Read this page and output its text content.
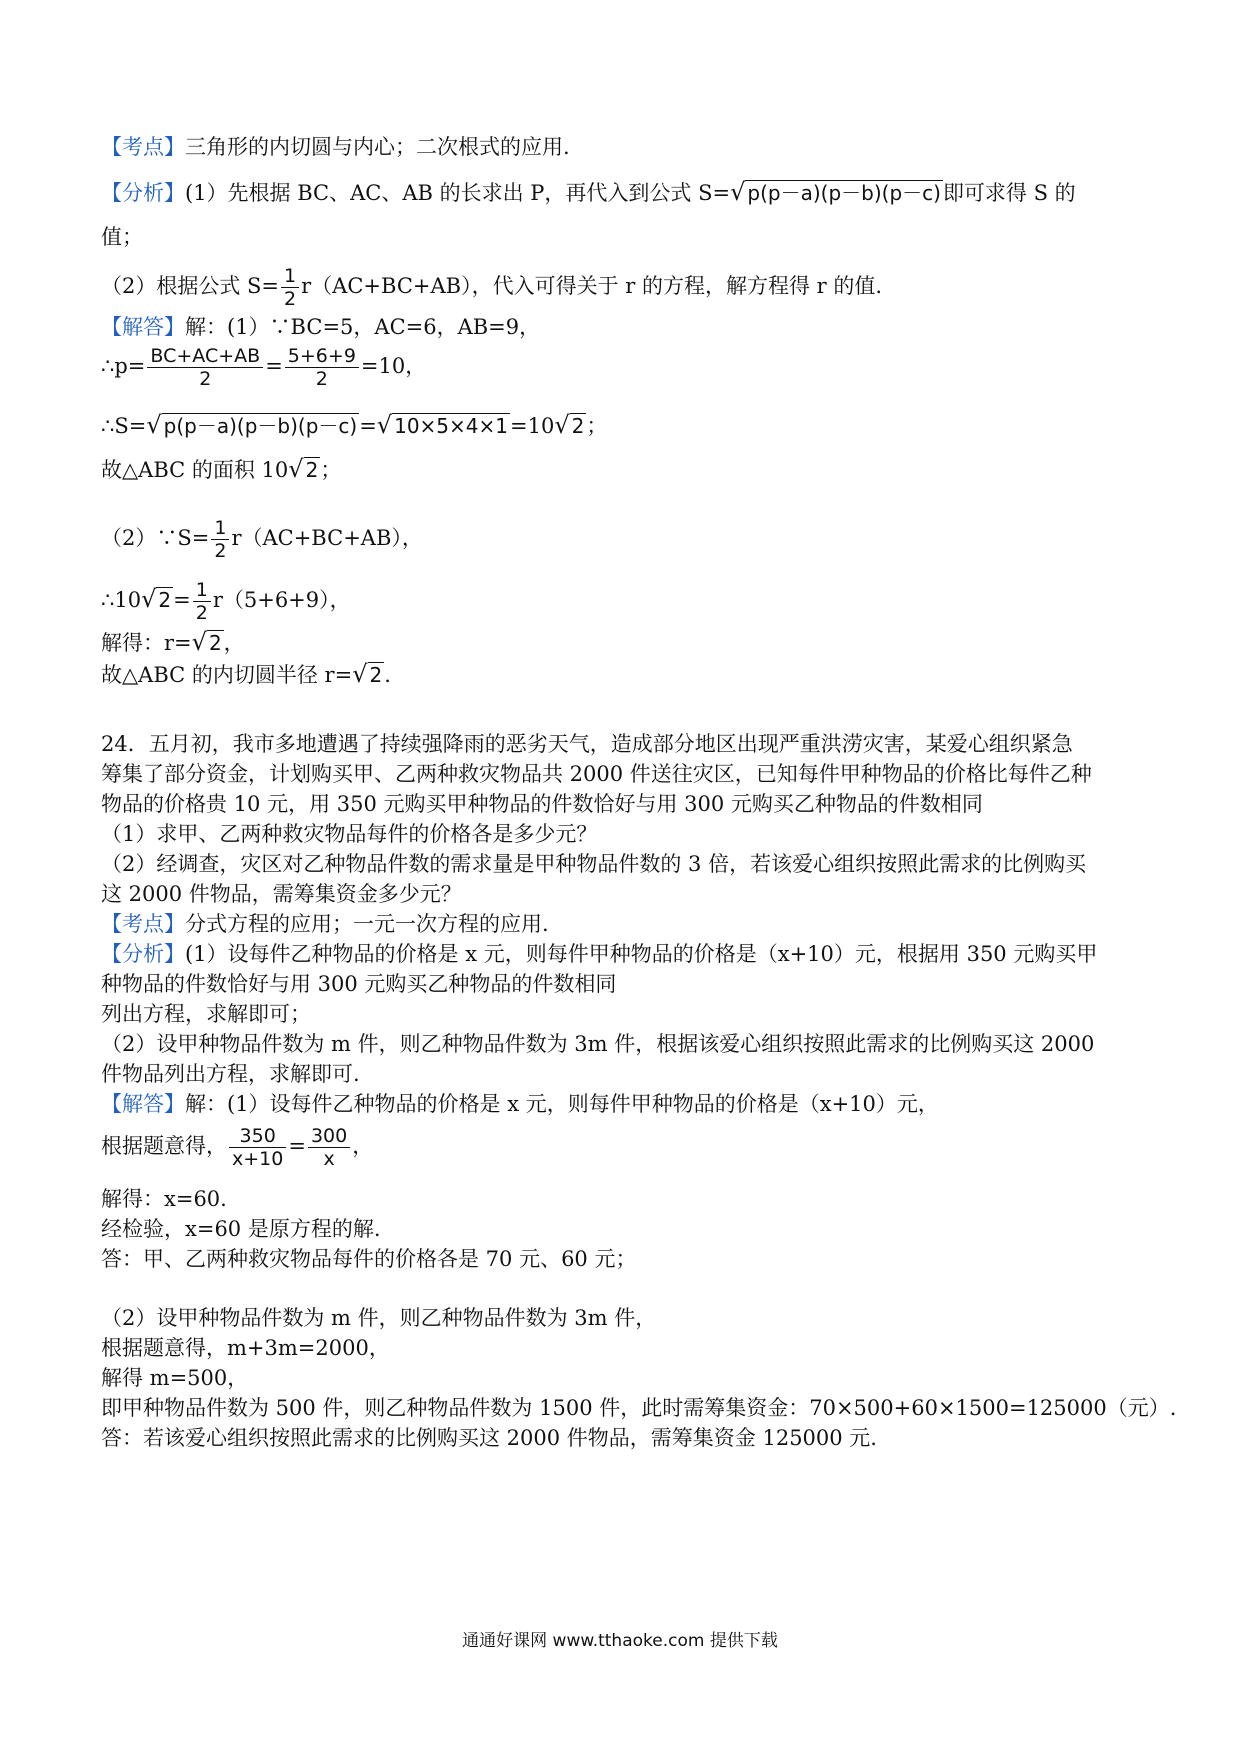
【考点】三角形的内切圆与内心；二次根式的应用.
【分析】(1）先根据 BC、AC、AB 的长求出 P，再代入到公式 S=√ p(p－a)(p－b)(p－c)即可求得 S 的
值；
（2）根据公式 $S= \frac{1}{2} r(AC+BC+AB)$，代入可得关于 r 的方程，解方程得 r 的值.
【解答】解：(1）∵BC=5，AC=6，AB=9，
∴p= $\frac{BC+AC+AB}{2} = \frac{5+6+9}{2} =10$，
∴S=√ p(p－a)(p－b)(p－c)=√ 10×5×4×1=10√ 2；
故△ABC 的面积 10√ 2；
（2）∵S= $\frac{1}{2} r(AC+BC+AB)$，
∴10√ $2= \frac{1}{2} r(5+6+9)$，
解得：r=√ 2，
故△ABC 的内切圆半径 r=√ 2.
24．五月初，我市多地遭遇了持续强降雨的恶劣天气，造成部分地区出现严重洪涝灾害，某爱心组织紧急
筹集了部分资金，计划购买甲、乙两种救灾物品共 2000 件送往灾区，已知每件甲种物品的价格比每件乙种
物品的价格贵 10 元，用 350 元购买甲种物品的件数恰好与用 300 元购买乙种物品的件数相同
（1）求甲、乙两种救灾物品每件的价格各是多少元？
（2）经调查，灾区对乙种物品件数的需求量是甲种物品件数的 3 倍，若该爱心组织按照此需求的比例购买
这 2000 件物品，需筹集资金多少元？
【考点】分式方程的应用；一元一次方程的应用.
【分析】(1）设每件乙种物品的价格是 x 元，则每件甲种物品的价格是（x+10）元，根据用 350 元购买甲
种物品的件数恰好与用 300 元购买乙种物品的件数相同
列出方程，求解即可；
（2）设甲种物品件数为 m 件，则乙种物品件数为 3m 件，根据该爱心组织按照此需求的比例购买这 2000
件物品列出方程，求解即可.
【解答】解：(1）设每件乙种物品的价格是 x 元，则每件甲种物品的价格是（x+10）元，
根据题意得， $\frac{350}{x+10} = \frac{300}{x}$ ，
解得：x=60.
经检验，x=60 是原方程的解.
答：甲、乙两种救灾物品每件的价格各是 70 元、60 元；
（2）设甲种物品件数为 m 件，则乙种物品件数为 3m 件，
根据题意得，m+3m=2000，
解得 m=500，
即甲种物品件数为 500 件，则乙种物品件数为 1500 件，此时需筹集资金：70×500+60×1500=125000（元）.
答：若该爱心组织按照此需求的比例购买这 2000 件物品，需筹集资金 125000 元.
通通好课网 www.tthaoke.com 提供下载
